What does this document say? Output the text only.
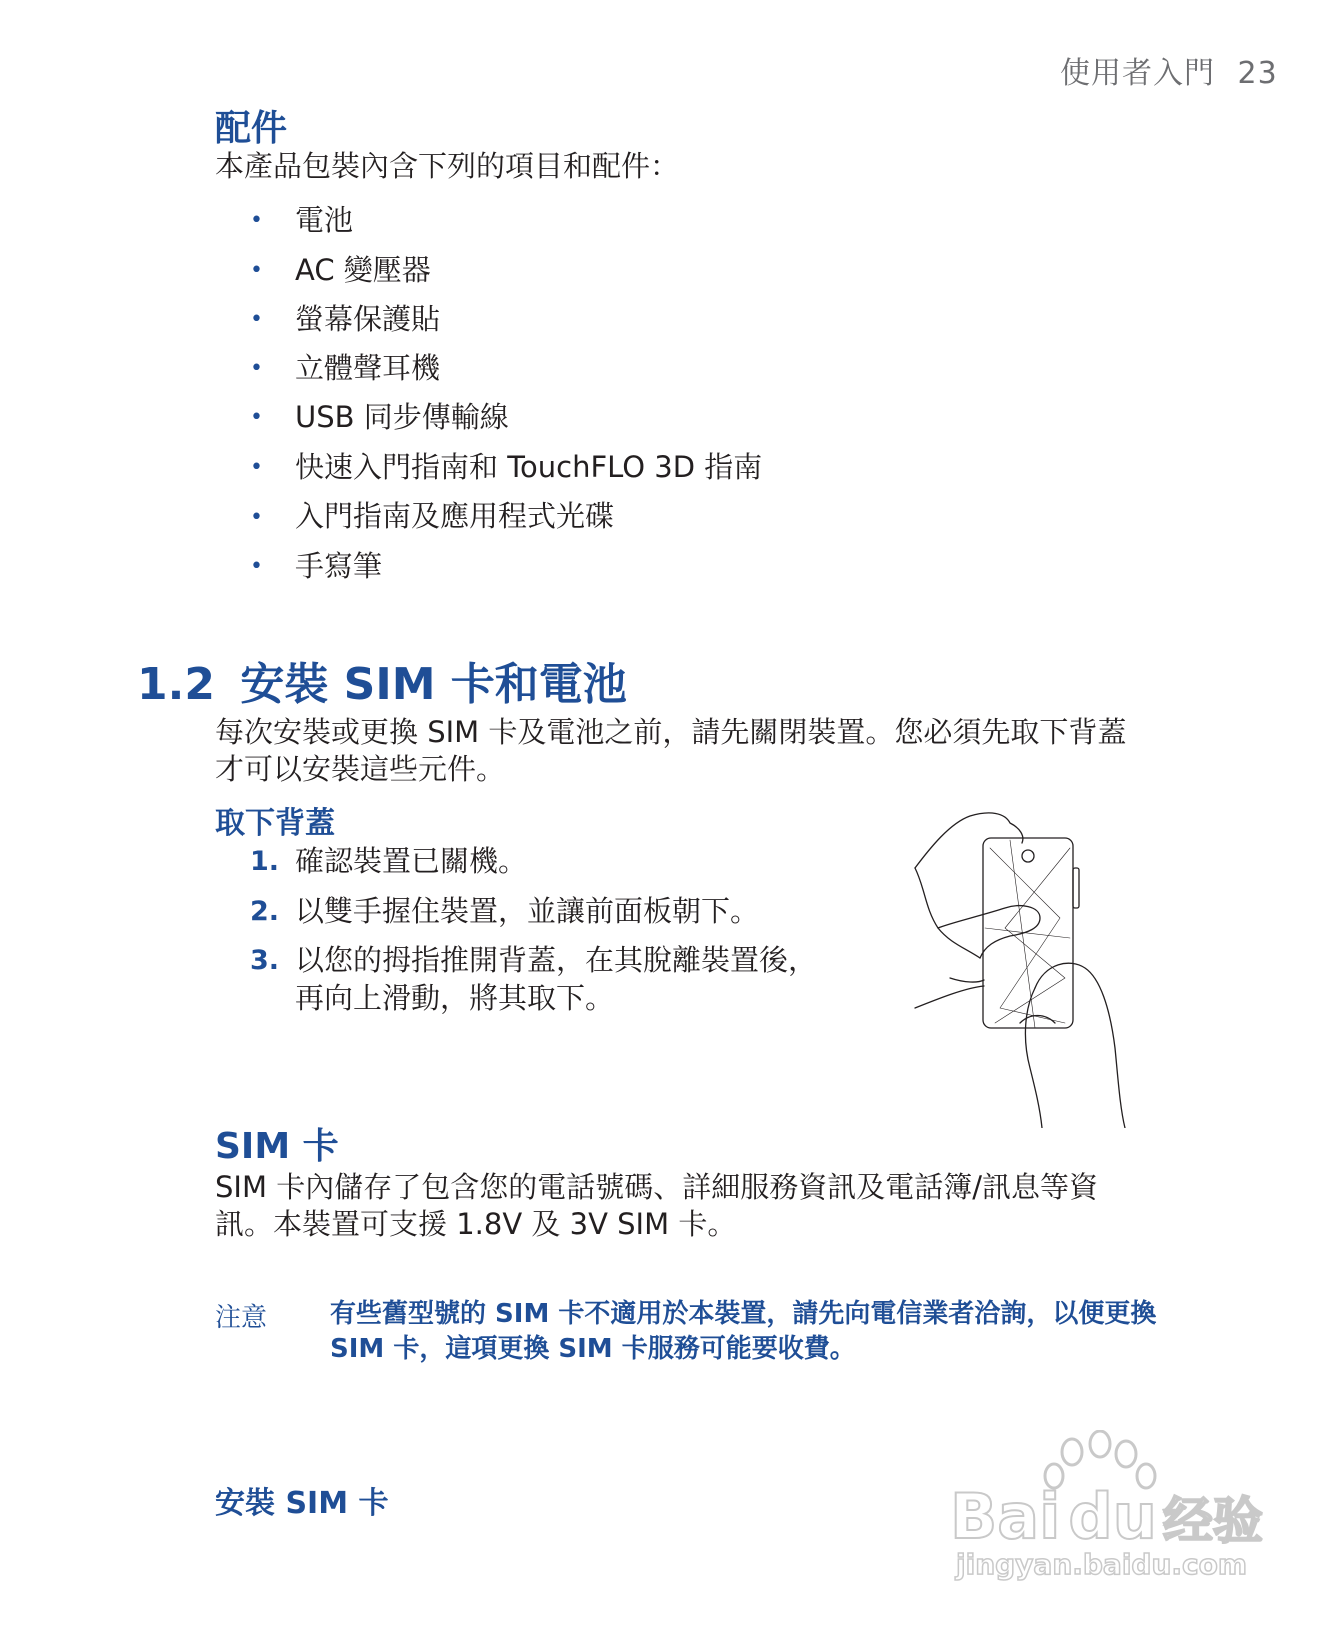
使用者入門 23
配件
本產品包裝內含下列的項目和配件：
• 電池
• AC 變壓器
• 螢幕保護貼
• 立體聲耳機
• USB 同步傳輸線
• 快速入門指南和 TouchFLO 3D 指南
• 入門指南及應用程式光碟
• 手寫筆
1.2 安裝 SIM 卡和電池
每次安裝或更換 SIM 卡及電池之前，請先關閉裝置。您必須先取下背蓋
才可以安裝這些元件。
取下背蓋
1. 確認裝置已關機。
2. 以雙手握住裝置，並讓前面板朝下。
3. 以您的拇指推開背蓋，在其脫離裝置後，
再向上滑動，將其取下。
SIM 卡
SIM 卡內儲存了包含您的電話號碼、詳細服務資訊及電話簿/訊息等資
訊。本裝置可支援 1.8V 及 3V SIM 卡。
注意 有些舊型號的 SIM 卡不適用於本裝置，請先向電信業者洽詢，以便更換
SIM 卡，這項更換 SIM 卡服務可能要收費。
安裝 SIM 卡	Bai du 经验
jingyan.baidu.com
